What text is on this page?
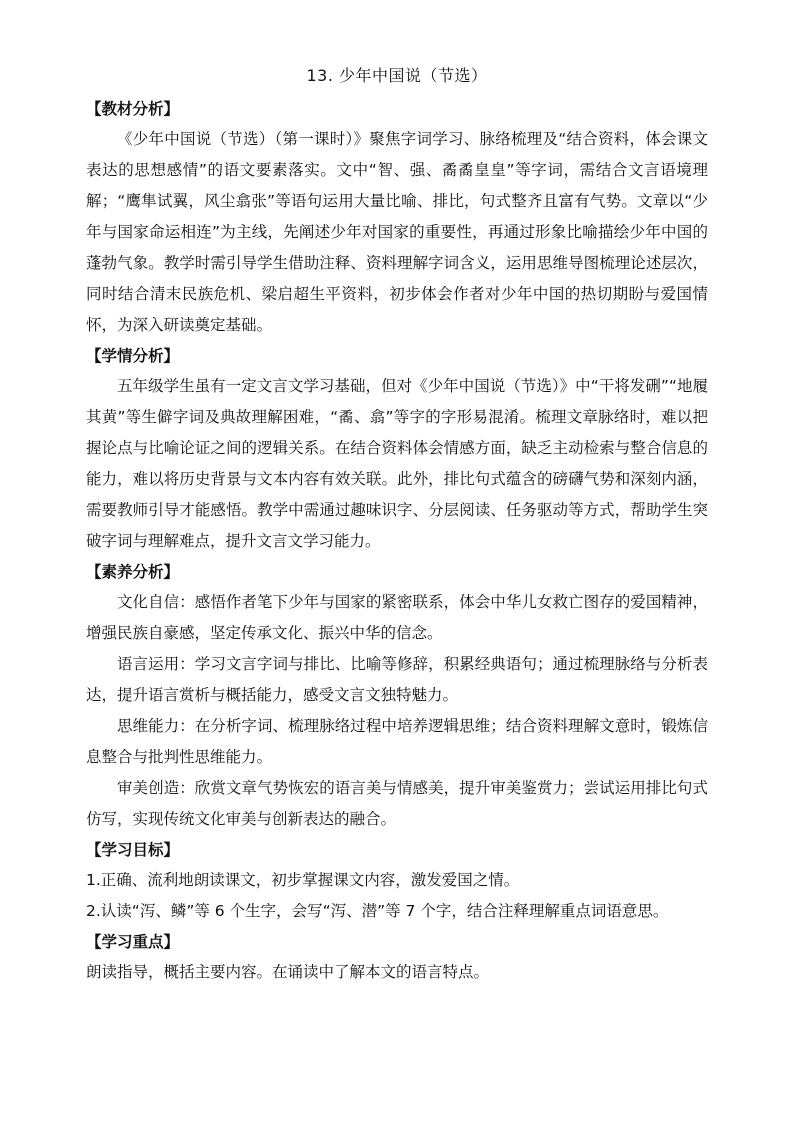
13. 少年中国说（节选）

【教材分析】

《少年中国说（节选）（第一课时）》聚焦字词学习、脉络梳理及“结合资料，体会课文表达的思想感情”的语文要素落实。文中“智、强、矞矞皇皇”等字词，需结合文言语境理解；“鹰隼试翼，风尘翕张”等语句运用大量比喻、排比，句式整齐且富有气势。文章以“少年与国家命运相连”为主线，先阐述少年对国家的重要性，再通过形象比喻描绘少年中国的蓬勃气象。教学时需引导学生借助注释、资料理解字词含义，运用思维导图梳理论述层次，同时结合清末民族危机、梁启超生平资料，初步体会作者对少年中国的热切期盼与爱国情怀，为深入研读奠定基础。

【学情分析】

五年级学生虽有一定文言文学习基础，但对《少年中国说（节选）》中“干将发硎”“地履其黄”等生僻字词及典故理解困难，“矞、翕”等字的字形易混淆。梳理文章脉络时，难以把握论点与比喻论证之间的逻辑关系。在结合资料体会情感方面，缺乏主动检索与整合信息的能力，难以将历史背景与文本内容有效关联。此外，排比句式蕴含的磅礴气势和深刻内涵，需要教师引导才能感悟。教学中需通过趣味识字、分层阅读、任务驱动等方式，帮助学生突破字词与理解难点，提升文言文学习能力。

【素养分析】

文化自信：感悟作者笔下少年与国家的紧密联系，体会中华儿女救亡图存的爱国精神，增强民族自豪感，坚定传承文化、振兴中华的信念。

语言运用：学习文言字词与排比、比喻等修辞，积累经典语句；通过梳理脉络与分析表达，提升语言赏析与概括能力，感受文言文独特魅力。

思维能力：在分析字词、梳理脉络过程中培养逻辑思维；结合资料理解文意时，锻炼信息整合与批判性思维能力。

审美创造：欣赏文章气势恢宏的语言美与情感美，提升审美鉴赏力；尝试运用排比句式仿写，实现传统文化审美与创新表达的融合。

【学习目标】

1.正确、流利地朗读课文，初步掌握课文内容，激发爱国之情。

2.认读“泻、鳞”等 6 个生字，会写“泻、潜”等 7 个字，结合注释理解重点词语意思。

【学习重点】

朗读指导，概括主要内容。在诵读中了解本文的语言特点。
